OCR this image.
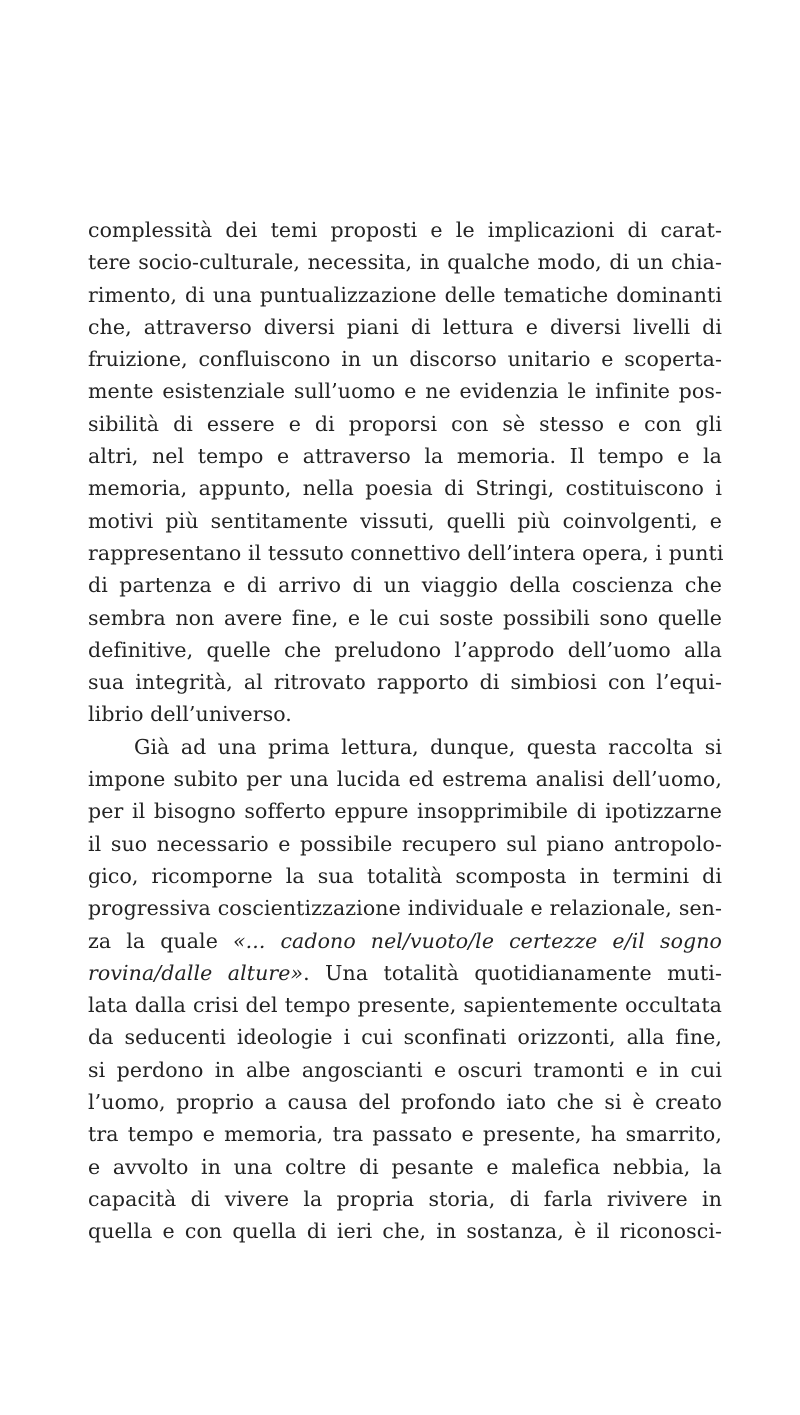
complessità dei temi proposti e le implicazioni di carat-
tere socio-culturale, necessita, in qualche modo, di un chia-
rimento, di una puntualizzazione delle tematiche dominanti
che, attraverso diversi piani di lettura e diversi livelli di
fruizione, confluiscono in un discorso unitario e scoperta-
mente esistenziale sull’uomo e ne evidenzia le infinite pos-
sibilità di essere e di proporsi con sè stesso e con gli
altri, nel tempo e attraverso la memoria. Il tempo e la
memoria, appunto, nella poesia di Stringi, costituiscono i
motivi più sentitamente vissuti, quelli più coinvolgenti, e
rappresentano il tessuto connettivo dell’intera opera, i punti
di partenza e di arrivo di un viaggio della coscienza che
sembra non avere fine, e le cui soste possibili sono quelle
definitive, quelle che preludono l’approdo dell’uomo alla
sua integrità, al ritrovato rapporto di simbiosi con l’equi-
librio dell’universo.
Già ad una prima lettura, dunque, questa raccolta si
impone subito per una lucida ed estrema analisi dell’uomo,
per il bisogno sofferto eppure insopprimibile di ipotizzarne
il suo necessario e possibile recupero sul piano antropolo-
gico, ricomporne la sua totalità scomposta in termini di
progressiva coscientizzazione individuale e relazionale, sen-
za la quale «... cadono nel/vuoto/le certezze e/il sogno
rovina/dalle alture». Una totalità quotidianamente muti-
lata dalla crisi del tempo presente, sapientemente occultata
da seducenti ideologie i cui sconfinati orizzonti, alla fine,
si perdono in albe angoscianti e oscuri tramonti e in cui
l’uomo, proprio a causa del profondo iato che si è creato
tra tempo e memoria, tra passato e presente, ha smarrito,
e avvolto in una coltre di pesante e malefica nebbia, la
capacità di vivere la propria storia, di farla rivivere in
quella e con quella di ieri che, in sostanza, è il riconosci-
